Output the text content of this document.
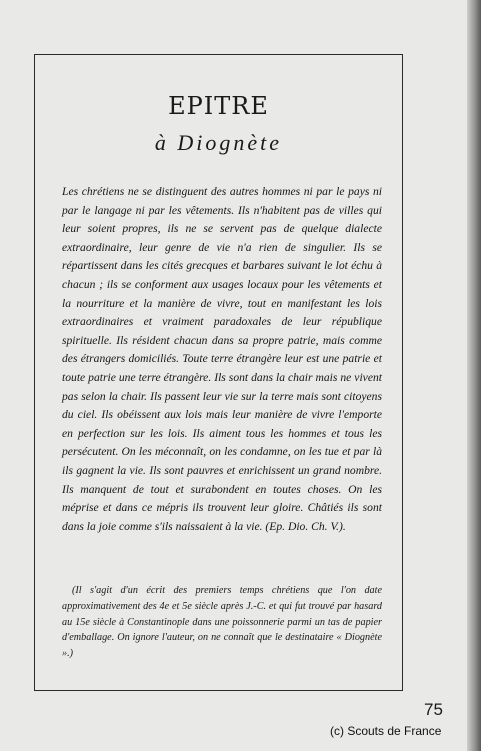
EPITRE
à Diognète
Les chrétiens ne se distinguent des autres hommes ni par le pays ni par le langage ni par les vêtements. Ils n'habitent pas de villes qui leur soient propres, ils ne se servent pas de quelque dialecte extraordinaire, leur genre de vie n'a rien de singulier. Ils se répartissent dans les cités grecques et barbares suivant le lot échu à chacun ; ils se conforment aux usages locaux pour les vêtements et la nourriture et la manière de vivre, tout en manifestant les lois extraordinaires et vraiment paradoxales de leur république spirituelle. Ils résident chacun dans sa propre patrie, mais comme des étrangers domiciliés. Toute terre étrangère leur est une patrie et toute patrie une terre étrangère. Ils sont dans la chair mais ne vivent pas selon la chair. Ils passent leur vie sur la terre mais sont citoyens du ciel. Ils obéissent aux lois mais leur manière de vivre l'emporte en perfection sur les lois. Ils aiment tous les hommes et tous les persécutent. On les méconnaît, on les condamne, on les tue et par là ils gagnent la vie. Ils sont pauvres et enrichissent un grand nombre. Ils manquent de tout et surabondent en toutes choses. On les méprise et dans ce mépris ils trouvent leur gloire. Châtiés ils sont dans la joie comme s'ils naissaient à la vie. (Ep. Dio. Ch. V.).
(Il s'agit d'un écrit des premiers temps chrétiens que l'on date approximativement des 4e et 5e siècle après J.-C. et qui fut trouvé par hasard au 15e siècle à Constantinople dans une poissonnerie parmi un tas de papier d'emballage. On ignore l'auteur, on ne connaît que le destinataire « Diognète ».)
75
(c) Scouts de France
